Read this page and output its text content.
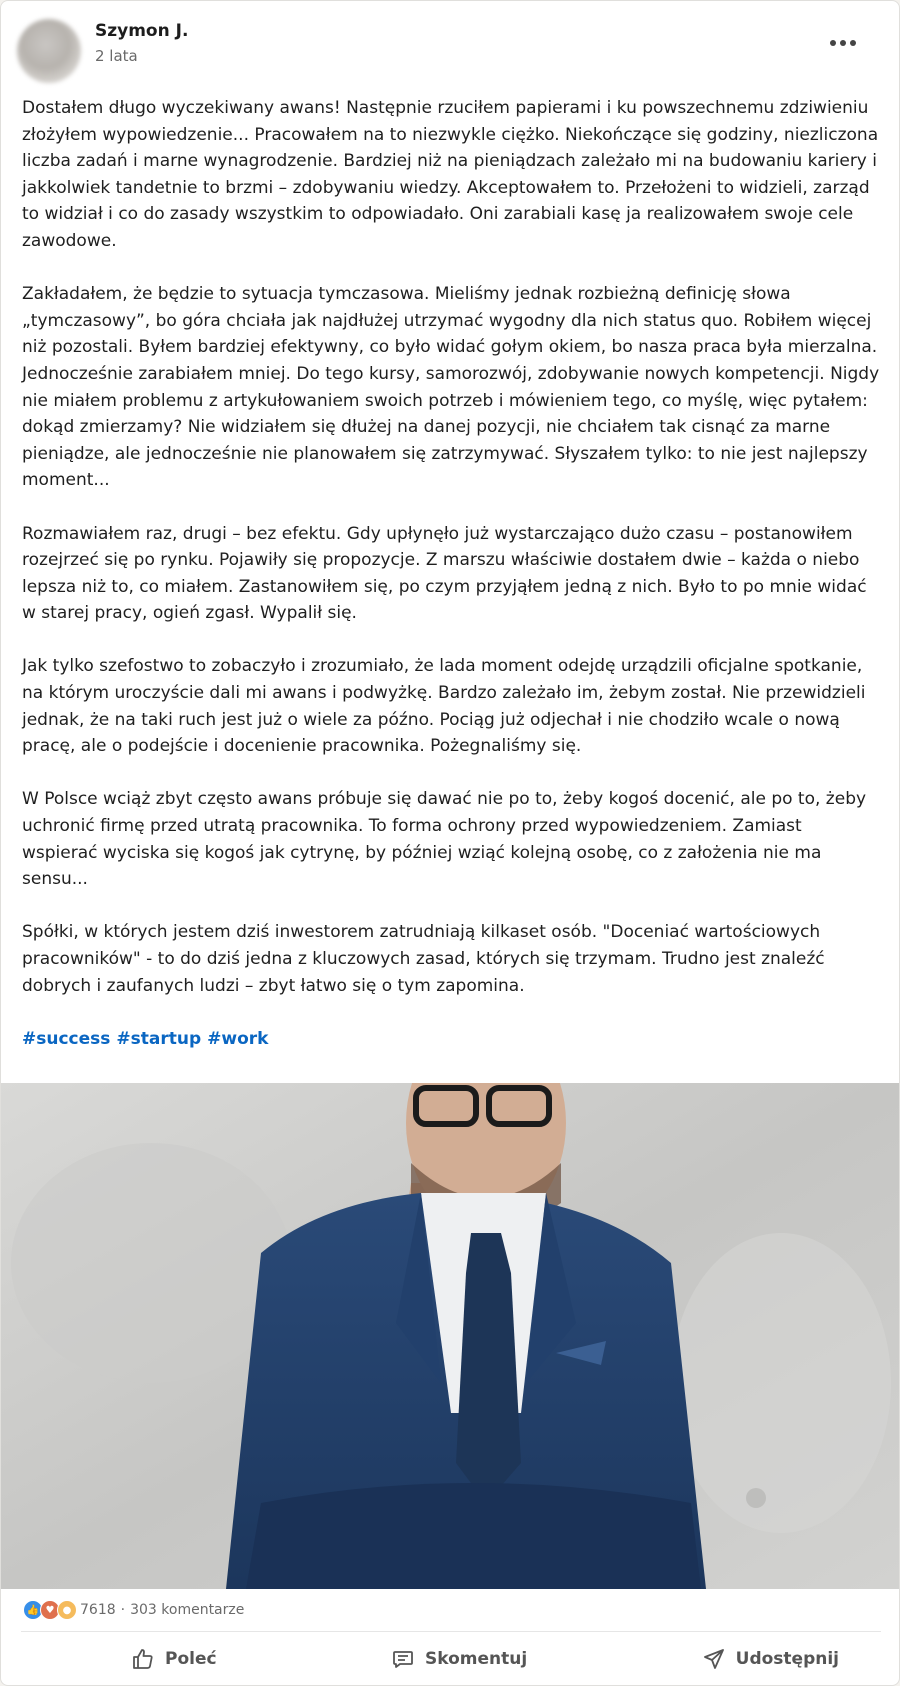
Szymon J.
2 lata

Dostałem długo wyczekiwany awans! Następnie rzuciłem papierami i ku powszechnemu zdziwieniu złożyłem wypowiedzenie... Pracowałem na to niezwykle ciężko. Niekończące się godziny, niezliczona liczba zadań i marne wynagrodzenie. Bardziej niż na pieniądzach zależało mi na budowaniu kariery i jakkolwiek tandetnie to brzmi – zdobywaniu wiedzy. Akceptowałem to. Przełożeni to widzieli, zarząd to widział i co do zasady wszystkim to odpowiadało. Oni zarabiali kasę ja realizowałem swoje cele zawodowe.

Zakładałem, że będzie to sytuacja tymczasowa. Mieliśmy jednak rozbieżną definicję słowa „tymczasowy”, bo góra chciała jak najdłużej utrzymać wygodny dla nich status quo. Robiłem więcej niż pozostali. Byłem bardziej efektywny, co było widać gołym okiem, bo nasza praca była mierzalna. Jednocześnie zarabiałem mniej. Do tego kursy, samorozwój, zdobywanie nowych kompetencji. Nigdy nie miałem problemu z artykułowaniem swoich potrzeb i mówieniem tego, co myślę, więc pytałem: dokąd zmierzamy? Nie widziałem się dłużej na danej pozycji, nie chciałem tak cisnąć za marne pieniądze, ale jednocześnie nie planowałem się zatrzymywać. Słyszałem tylko: to nie jest najlepszy moment...

Rozmawiałem raz, drugi – bez efektu. Gdy upłynęło już wystarczająco dużo czasu – postanowiłem rozejrzeć się po rynku. Pojawiły się propozycje. Z marszu właściwie dostałem dwie – każda o niebo lepsza niż to, co miałem. Zastanowiłem się, po czym przyjąłem jedną z nich. Było to po mnie widać w starej pracy, ogień zgasł. Wypalił się.

Jak tylko szefostwo to zobaczyło i zrozumiało, że lada moment odejdę urządzili oficjalne spotkanie, na którym uroczyście dali mi awans i podwyżkę. Bardzo zależało im, żebym został. Nie przewidzieli jednak, że na taki ruch jest już o wiele za późno. Pociąg już odjechał i nie chodziło wcale o nową pracę, ale o podejście i docenienie pracownika. Pożegnaliśmy się.

W Polsce wciąż zbyt często awans próbuje się dawać nie po to, żeby kogoś docenić, ale po to, żeby uchronić firmę przed utratą pracownika. To forma ochrony przed wypowiedzeniem. Zamiast wspierać wyciska się kogoś jak cytrynę, by później wziąć kolejną osobę, co z założenia nie ma sensu...

Spółki, w których jestem dziś inwestorem zatrudniają kilkaset osób. "Doceniać wartościowych pracowników" - to do dziś jedna z kluczowych zasad, których się trzymam. Trudno jest znaleźć dobrych i zaufanych ludzi – zbyt łatwo się o tym zapomina.

#success #startup #work

👍 ♥ ● 7618 · 303 komentarze
Poleć	Skomentuj	Udostępnij
